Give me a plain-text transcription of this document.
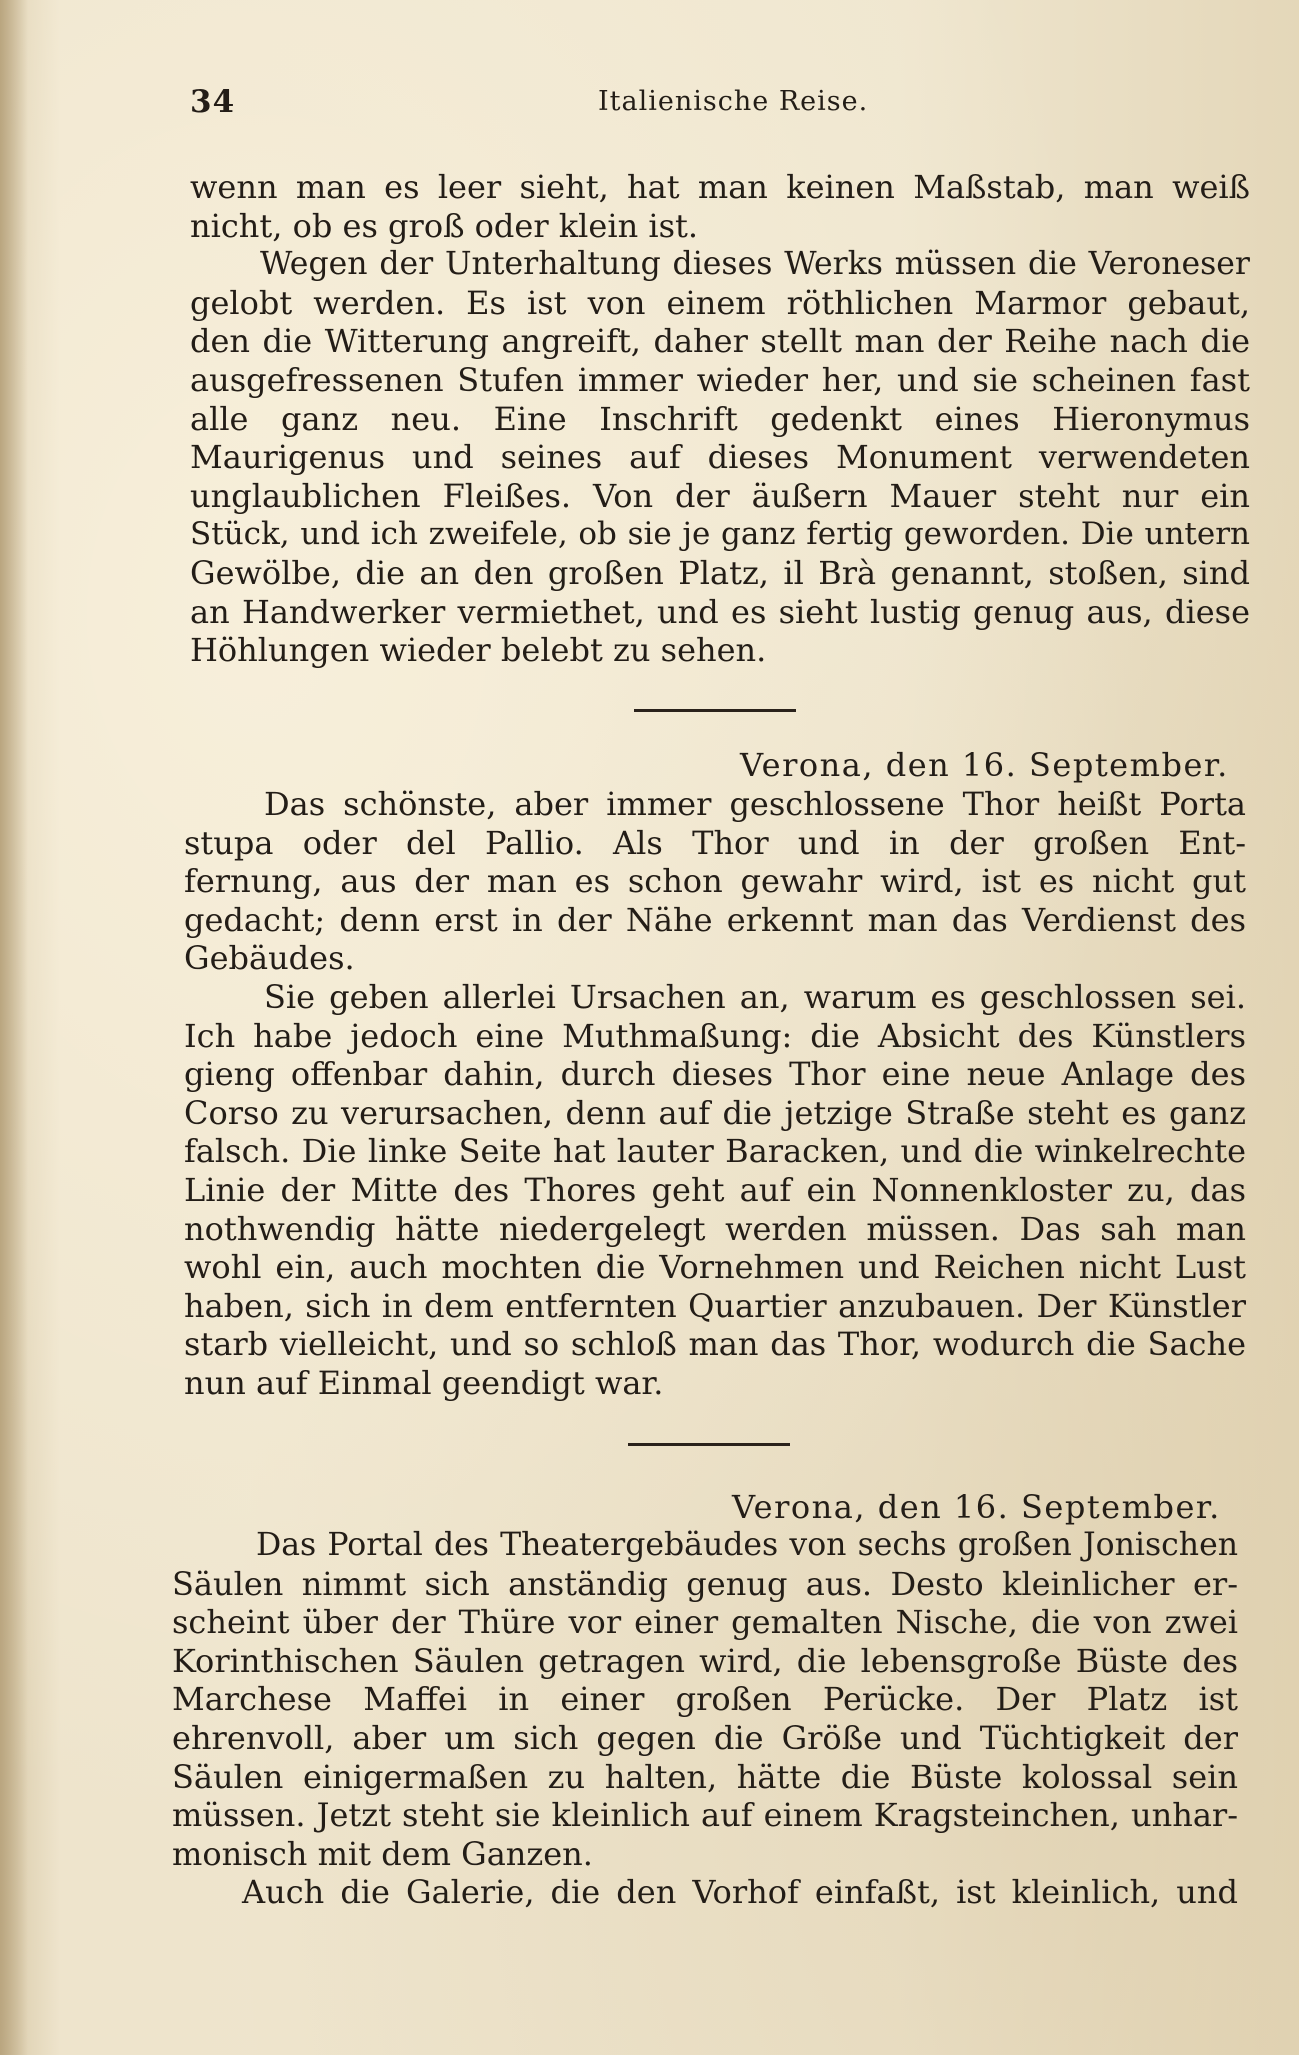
34	Italienische Reise.
wenn man es leer sieht, hat man keinen Maßstab, man weiß
nicht, ob es groß oder klein ist.
Wegen der Unterhaltung dieses Werks müssen die Veroneser
gelobt werden. Es ist von einem röthlichen Marmor gebaut,
den die Witterung angreift, daher stellt man der Reihe nach die
ausgefressenen Stufen immer wieder her, und sie scheinen fast
alle ganz neu. Eine Inschrift gedenkt eines Hieronymus
Maurigenus und seines auf dieses Monument verwendeten
unglaublichen Fleißes. Von der äußern Mauer steht nur ein
Stück, und ich zweifele, ob sie je ganz fertig geworden. Die untern
Gewölbe, die an den großen Platz, il Brà genannt, stoßen, sind
an Handwerker vermiethet, und es sieht lustig genug aus, diese
Höhlungen wieder belebt zu sehen.
Verona, den 16. September.
Das schönste, aber immer geschlossene Thor heißt Porta
stupa oder del Pallio. Als Thor und in der großen Ent-
fernung, aus der man es schon gewahr wird, ist es nicht gut
gedacht; denn erst in der Nähe erkennt man das Verdienst des
Gebäudes.
Sie geben allerlei Ursachen an, warum es geschlossen sei.
Ich habe jedoch eine Muthmaßung: die Absicht des Künstlers
gieng offenbar dahin, durch dieses Thor eine neue Anlage des
Corso zu verursachen, denn auf die jetzige Straße steht es ganz
falsch. Die linke Seite hat lauter Baracken, und die winkelrechte
Linie der Mitte des Thores geht auf ein Nonnenkloster zu, das
nothwendig hätte niedergelegt werden müssen. Das sah man
wohl ein, auch mochten die Vornehmen und Reichen nicht Lust
haben, sich in dem entfernten Quartier anzubauen. Der Künstler
starb vielleicht, und so schloß man das Thor, wodurch die Sache
nun auf Einmal geendigt war.
Verona, den 16. September.
Das Portal des Theatergebäudes von sechs großen Jonischen
Säulen nimmt sich anständig genug aus. Desto kleinlicher er-
scheint über der Thüre vor einer gemalten Nische, die von zwei
Korinthischen Säulen getragen wird, die lebensgroße Büste des
Marchese Maffei in einer großen Perücke. Der Platz ist
ehrenvoll, aber um sich gegen die Größe und Tüchtigkeit der
Säulen einigermaßen zu halten, hätte die Büste kolossal sein
müssen. Jetzt steht sie kleinlich auf einem Kragsteinchen, unhar-
monisch mit dem Ganzen.
Auch die Galerie, die den Vorhof einfaßt, ist kleinlich, und
